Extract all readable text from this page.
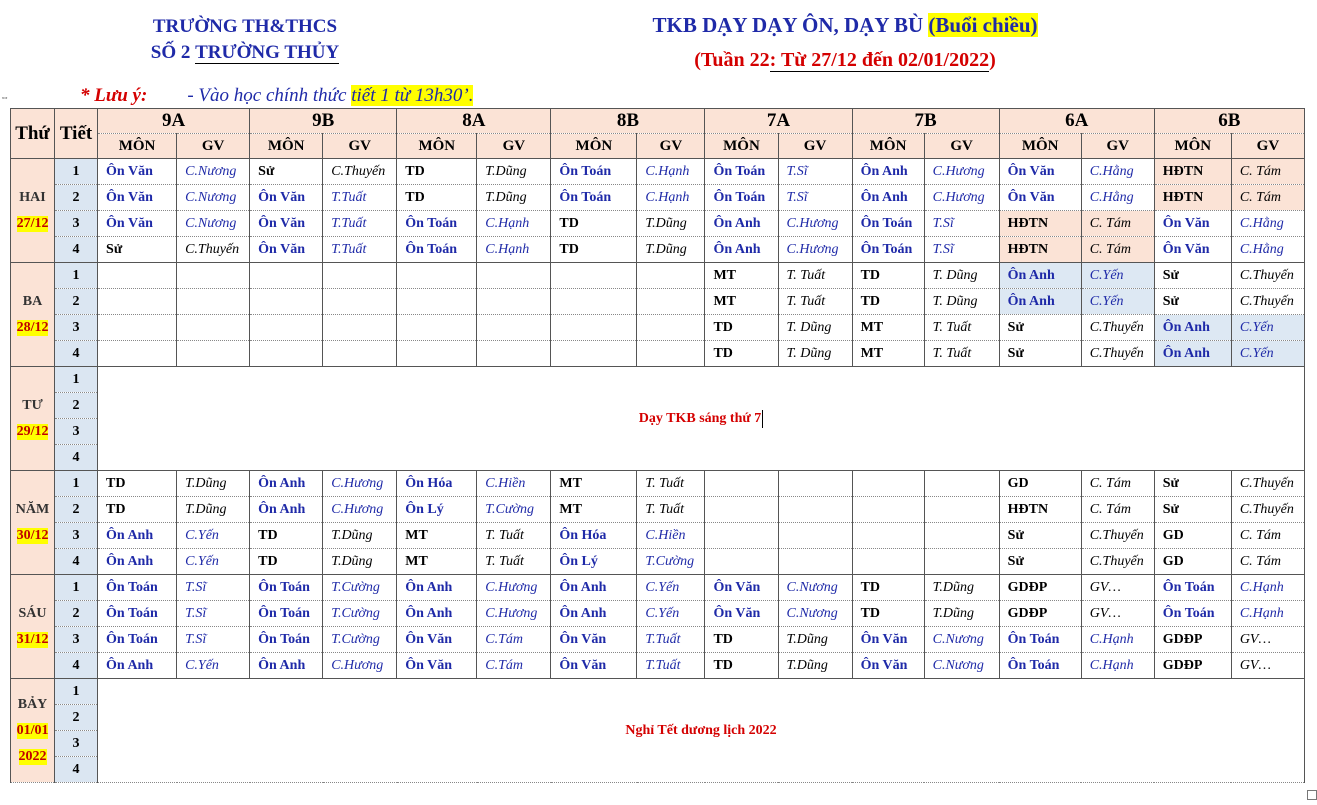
TRƯỜNG TH&THCS
SỐ 2 TRƯỜNG THỦY
TKB DẠY DẠY ÔN, DẠY BÙ (Buổi chiều)
(Tuần 22: Từ 27/12 đến 02/01/2022)
* Lưu ý: - Vào học chính thức tiết 1 từ 13h30’.
⇔
Thứ	Tiết	9A		9B		8A		8B		7A		7B		6A		6B	
		MÔN	GV	MÔN	GV	MÔN	GV	MÔN	GV	MÔN	GV	MÔN	GV	MÔN	GV	MÔN	GV

HAI
27/12	1	Ôn Văn	C.Nương	Sử	C.Thuyến	TD	T.Dũng	Ôn Toán	C.Hạnh	Ôn Toán	T.Sĩ	Ôn Anh	C.Hương	Ôn Văn	C.Hằng	HĐTN	C. Tám
	2	Ôn Văn	C.Nương	Ôn Văn	T.Tuất	TD	T.Dũng	Ôn Toán	C.Hạnh	Ôn Toán	T.Sĩ	Ôn Anh	C.Hương	Ôn Văn	C.Hằng	HĐTN	C. Tám
	3	Ôn Văn	C.Nương	Ôn Văn	T.Tuất	Ôn Toán	C.Hạnh	TD	T.Dũng	Ôn Anh	C.Hương	Ôn Toán	T.Sĩ	HĐTN	C. Tám	Ôn Văn	C.Hằng
	4	Sử	C.Thuyến	Ôn Văn	T.Tuất	Ôn Toán	C.Hạnh	TD	T.Dũng	Ôn Anh	C.Hương	Ôn Toán	T.Sĩ	HĐTN	C. Tám	Ôn Văn	C.Hằng

BA
28/12	1									MT	T. Tuất	TD	T. Dũng	Ôn Anh	C.Yến	Sử	C.Thuyến
	2									MT	T. Tuất	TD	T. Dũng	Ôn Anh	C.Yến	Sử	C.Thuyến
	3									TD	T. Dũng	MT	T. Tuất	Sử	C.Thuyến	Ôn Anh	C.Yến
	4									TD	T. Dũng	MT	T. Tuất	Sử	C.Thuyến	Ôn Anh	C.Yến

TƯ
29/12	1	Dạy TKB sáng thứ 7															
	2																
	3																
	4																

NĂM
30/12	1	TD	T.Dũng	Ôn Anh	C.Hương	Ôn Hóa	C.Hiền	MT	T. Tuất					GD	C. Tám	Sử	C.Thuyến
	2	TD	T.Dũng	Ôn Anh	C.Hương	Ôn Lý	T.Cường	MT	T. Tuất					HĐTN	C. Tám	Sử	C.Thuyến
	3	Ôn Anh	C.Yến	TD	T.Dũng	MT	T. Tuất	Ôn Hóa	C.Hiền					Sử	C.Thuyến	GD	C. Tám
	4	Ôn Anh	C.Yến	TD	T.Dũng	MT	T. Tuất	Ôn Lý	T.Cường					Sử	C.Thuyến	GD	C. Tám

SÁU
31/12	1	Ôn Toán	T.Sĩ	Ôn Toán	T.Cường	Ôn Anh	C.Hương	Ôn Anh	C.Yến	Ôn Văn	C.Nương	TD	T.Dũng	GDĐP	GV…	Ôn Toán	C.Hạnh
	2	Ôn Toán	T.Sĩ	Ôn Toán	T.Cường	Ôn Anh	C.Hương	Ôn Anh	C.Yến	Ôn Văn	C.Nương	TD	T.Dũng	GDĐP	GV…	Ôn Toán	C.Hạnh
	3	Ôn Toán	T.Sĩ	Ôn Toán	T.Cường	Ôn Văn	C.Tám	Ôn Văn	T.Tuất	TD	T.Dũng	Ôn Văn	C.Nương	Ôn Toán	C.Hạnh	GDĐP	GV…
	4	Ôn Anh	C.Yến	Ôn Anh	C.Hương	Ôn Văn	C.Tám	Ôn Văn	T.Tuất	TD	T.Dũng	Ôn Văn	C.Nương	Ôn Toán	C.Hạnh	GDĐP	GV…

BẢY
01/01
2022	1	Nghỉ Tết dương lịch 2022															
	2																
	3																
	4																
